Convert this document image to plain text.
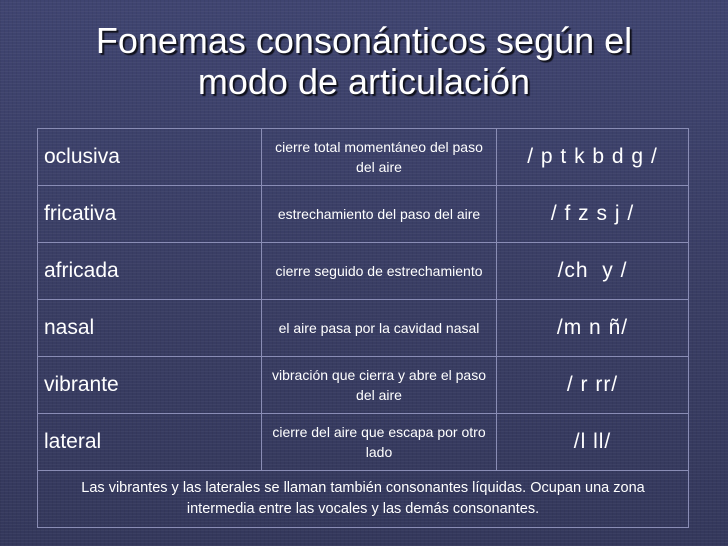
Fonemas consonánticos según el
modo de articulación
oclusiva	cierre total momentáneo del paso del aire	/ p t k b d g /
fricativa	estrechamiento del paso del aire	/ f z s j /
africada	cierre seguido de estrechamiento	/ch  y /
nasal	el aire pasa por la cavidad nasal	/m n ñ/
vibrante	vibración que cierra y abre el paso del aire	/ r rr/
lateral	cierre del aire que escapa por otro lado	/l ll/
Las vibrantes y las laterales se llaman también consonantes líquidas. Ocupan una zona intermedia entre las vocales y las demás consonantes.		
